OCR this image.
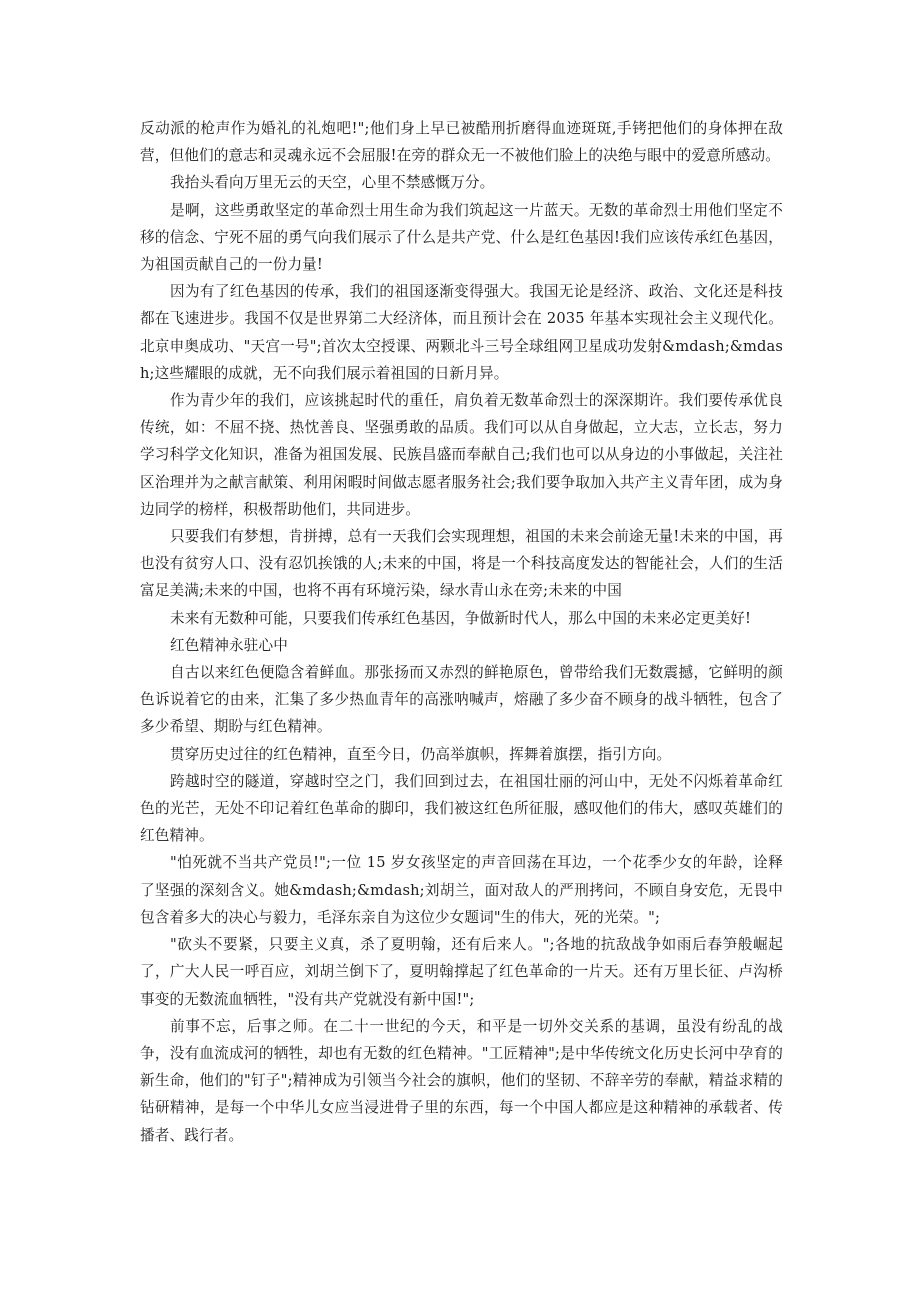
反动派的枪声作为婚礼的礼炮吧!";他们身上早已被酷刑折磨得血迹斑斑,手铐把他们的身体押在敌营，但他们的意志和灵魂永远不会屈服!在旁的群众无一不被他们脸上的决绝与眼中的爱意所感动。

我抬头看向万里无云的天空，心里不禁感慨万分。

是啊，这些勇敢坚定的革命烈士用生命为我们筑起这一片蓝天。无数的革命烈士用他们坚定不移的信念、宁死不屈的勇气向我们展示了什么是共产党、什么是红色基因!我们应该传承红色基因，为祖国贡献自己的一份力量!

因为有了红色基因的传承，我们的祖国逐渐变得强大。我国无论是经济、政治、文化还是科技都在飞速进步。我国不仅是世界第二大经济体，而且预计会在 2035 年基本实现社会主义现代化。北京申奥成功、"天宫一号";首次太空授课、两颗北斗三号全球组网卫星成功发射&mdash;&mdash;这些耀眼的成就，无不向我们展示着祖国的日新月异。

作为青少年的我们，应该挑起时代的重任，肩负着无数革命烈士的深深期许。我们要传承优良传统，如：不屈不挠、热忱善良、坚强勇敢的品质。我们可以从自身做起，立大志，立长志，努力学习科学文化知识，准备为祖国发展、民族昌盛而奉献自己;我们也可以从身边的小事做起，关注社区治理并为之献言献策、利用闲暇时间做志愿者服务社会;我们要争取加入共产主义青年团，成为身边同学的榜样，积极帮助他们，共同进步。

只要我们有梦想，肯拼搏，总有一天我们会实现理想，祖国的未来会前途无量!未来的中国，再也没有贫穷人口、没有忍饥挨饿的人;未来的中国，将是一个科技高度发达的智能社会，人们的生活富足美满;未来的中国，也将不再有环境污染，绿水青山永在旁;未来的中国

未来有无数种可能，只要我们传承红色基因，争做新时代人，那么中国的未来必定更美好!

红色精神永驻心中

自古以来红色便隐含着鲜血。那张扬而又赤烈的鲜艳原色，曾带给我们无数震撼，它鲜明的颜色诉说着它的由来，汇集了多少热血青年的高涨呐喊声，熔融了多少奋不顾身的战斗牺牲，包含了多少希望、期盼与红色精神。

贯穿历史过往的红色精神，直至今日，仍高举旗帜，挥舞着旗摆，指引方向。

跨越时空的隧道，穿越时空之门，我们回到过去，在祖国壮丽的河山中，无处不闪烁着革命红色的光芒，无处不印记着红色革命的脚印，我们被这红色所征服，感叹他们的伟大，感叹英雄们的红色精神。

"怕死就不当共产党员!";一位 15 岁女孩坚定的声音回荡在耳边，一个花季少女的年龄，诠释了坚强的深刻含义。她&mdash;&mdash;刘胡兰，面对敌人的严刑拷问，不顾自身安危，无畏中包含着多大的决心与毅力，毛泽东亲自为这位少女题词"生的伟大，死的光荣。";

"砍头不要紧，只要主义真，杀了夏明翰，还有后来人。";各地的抗敌战争如雨后春笋般崛起了，广大人民一呼百应，刘胡兰倒下了，夏明翰撑起了红色革命的一片天。还有万里长征、卢沟桥事变的无数流血牺牲，"没有共产党就没有新中国!";

前事不忘，后事之师。在二十一世纪的今天，和平是一切外交关系的基调，虽没有纷乱的战争，没有血流成河的牺牲，却也有无数的红色精神。"工匠精神";是中华传统文化历史长河中孕育的新生命，他们的"钉子";精神成为引领当今社会的旗帜，他们的坚韧、不辞辛劳的奉献，精益求精的钻研精神，是每一个中华儿女应当浸进骨子里的东西，每一个中国人都应是这种精神的承载者、传播者、践行者。
